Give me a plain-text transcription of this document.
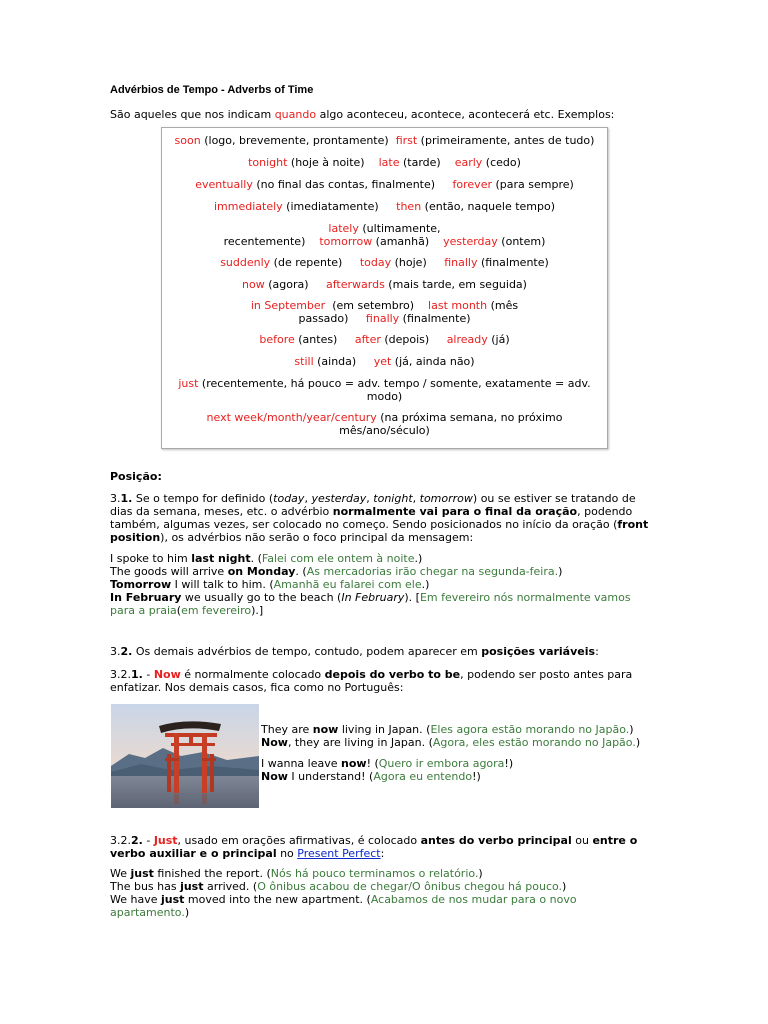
Advérbios de Tempo - Adverbs of Time
São aqueles que nos indicam quando algo aconteceu, acontece, acontecerá etc. Exemplos:
soon (logo, brevemente, prontamente)  first (primeiramente, antes de tudo)
tonight (hoje à noite)    late (tarde)    early (cedo)
eventually (no final das contas, finalmente)     forever (para sempre)
immediately (imediatamente)     then (então, naquele tempo)
lately (ultimamente,
recentemente)    tomorrow (amanhã)    yesterday (ontem)
suddenly (de repente)     today (hoje)     finally (finalmente)
now (agora)     afterwards (mais tarde, em seguida)
in September  (em setembro)    last month (mês
passado)     finally (finalmente)
before (antes)     after (depois)     already (já)
still (ainda)     yet (já, ainda não)
just (recentemente, há pouco = adv. tempo / somente, exatamente = adv.
modo)
next week/month/year/century (na próxima semana, no próximo
mês/ano/século)
Posição:
3.1. Se o tempo for definido (today, yesterday, tonight, tomorrow) ou se estiver se tratando de
dias da semana, meses, etc. o advérbio normalmente vai para o final da oração, podendo
também, algumas vezes, ser colocado no começo. Sendo posicionados no início da oração (front
position), os advérbios não serão o foco principal da mensagem:
I spoke to him last night. (Falei com ele ontem à noite.)
The goods will arrive on Monday. (As mercadorias irão chegar na segunda-feira.)
Tomorrow I will talk to him. (Amanhã eu falarei com ele.)
In February we usually go to the beach (In February). [Em fevereiro nós normalmente vamos
para a praia(em fevereiro).]
3.2. Os demais advérbios de tempo, contudo, podem aparecer em posições variáveis:
3.2.1. - Now é normalmente colocado depois do verbo to be, podendo ser posto antes para
enfatizar. Nos demais casos, fica como no Português:
They are now living in Japan. (Eles agora estão morando no Japão.)
Now, they are living in Japan. (Agora, eles estão morando no Japão.)
I wanna leave now! (Quero ir embora agora!)
Now I understand! (Agora eu entendo!)
3.2.2. - Just, usado em orações afirmativas, é colocado antes do verbo principal ou entre o
verbo auxiliar e o principal no Present Perfect:
We just finished the report. (Nós há pouco terminamos o relatório.)
The bus has just arrived. (O ônibus acabou de chegar/O ônibus chegou há pouco.)
We have just moved into the new apartment. (Acabamos de nos mudar para o novo
apartamento.)
